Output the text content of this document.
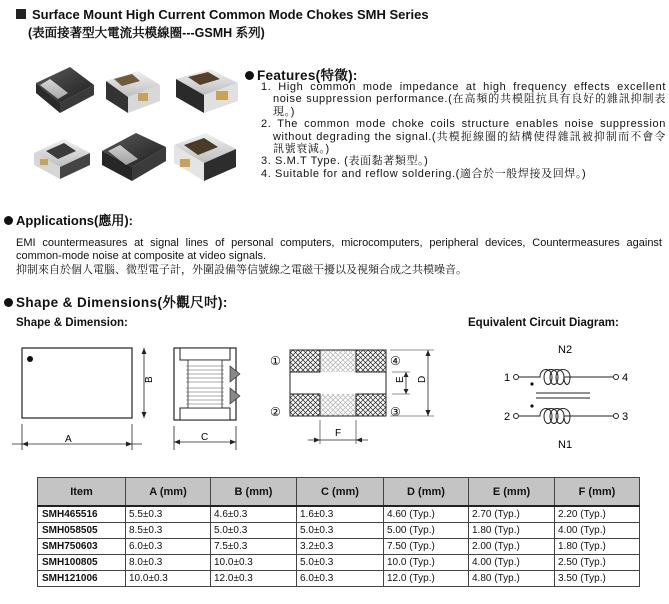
Surface Mount High Current Common Mode Chokes SMH Series
(表面接著型大電流共模線圈---GSMH 系列)
Features(特徵):
1. High common mode impedance at high frequency effects excellent noise suppression performance.(在高頻的共模阻抗具有良好的雜訊抑制表現。)
2. The common mode choke coils structure enables noise suppression without degrading the signal.(共模扼線圈的結構使得雜訊被抑制而不會令訊號衰減。)
3. S.M.T Type. (表面黏著類型。)
4. Suitable for and reflow soldering.(適合於一般焊接及回焊。)
Applications(應用):
EMI countermeasures at signal lines of personal computers, microcomputers, peripheral devices, Countermeasures against common-mode noise at composite at video signals.
抑制來自於個人電腦、微型電子計，外圍設備等信號線之電磁干擾以及視頻合成之共模噪音。
Shape & Dimensions(外觀尺吋):
Shape & Dimension:	Equivalent Circuit Diagram:
B
A	C
①
②	③
④
E D
F
N2
N1
1
2
4
3
Item	A (mm)	B (mm)	C (mm)	D (mm)	E (mm)	F (mm)
SMH465516	5.5±0.3	4.6±0.3	1.6±0.3	4.60 (Typ.)	2.70 (Typ.)	2.20 (Typ.)
SMH058505	8.5±0.3	5.0±0.3	5.0±0.3	5.00 (Typ.)	1.80 (Typ.)	4.00 (Typ.)
SMH750603	6.0±0.3	7.5±0.3	3.2±0.3	7.50 (Typ.)	2.00 (Typ.)	1.80 (Typ.)
SMH100805	8.0±0.3	10.0±0.3	5.0±0.3	10.0 (Typ.)	4.00 (Typ.)	2.50 (Typ.)
SMH121006	10.0±0.3	12.0±0.3	6.0±0.3	12.0 (Typ.)	4.80 (Typ.)	3.50 (Typ.)
